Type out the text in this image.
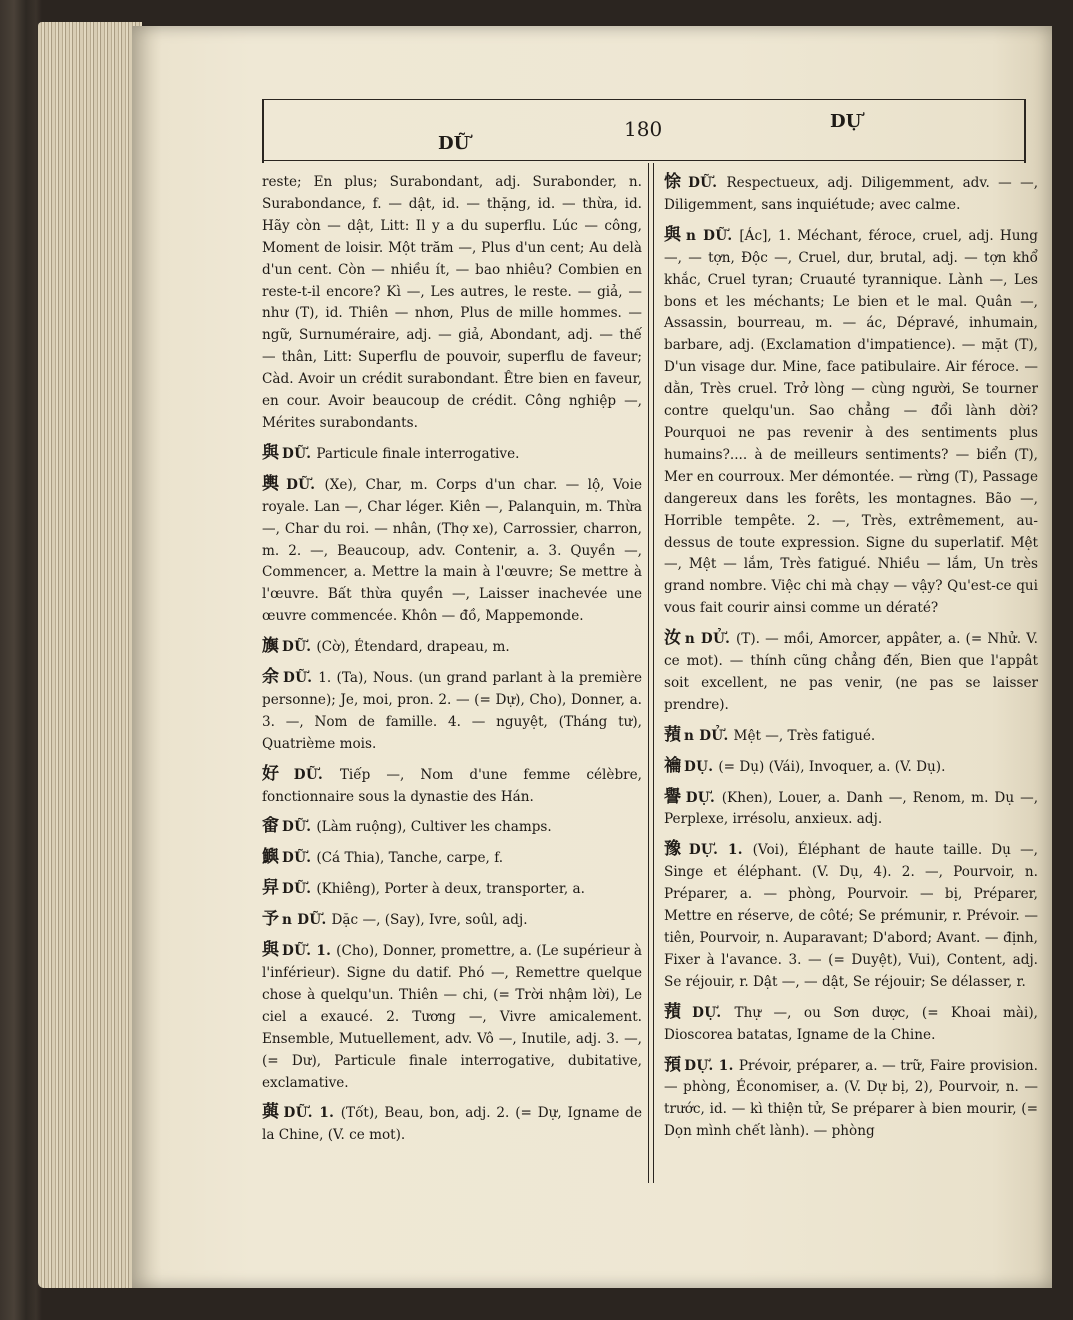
DỮ
180	DỰ

reste; En plus; Surabondant, adj. Surabonder, n. Surabondance, f. — dật, id. — thặng, id. — thừa, id. Hãy còn — dật, Litt: Il y a du superflu. Lúc — công, Moment de loisir. Một trăm —, Plus d'un cent; Au delà d'un cent. Còn — nhiều ít, — bao nhiêu? Combien en reste-t-il encore? Kì —, Les autres, le reste. — giả, — như (T), id. Thiên — nhơn, Plus de mille hommes. — ngữ, Surnuméraire, adj. — giả, Abondant, adj. — thế — thân, Litt: Superflu de pouvoir, superflu de faveur; Càd. Avoir un crédit surabondant. Être bien en faveur, en cour. Avoir beaucoup de crédit. Công nghiệp —, Mérites surabondants.

與 DỮ. Particule finale interrogative.

輿 DỮ. (Xe), Char, m. Corps d'un char. — lộ, Voie royale. Lan —, Char léger. Kiên —, Palanquin, m. Thừa —, Char du roi. — nhân, (Thợ xe), Carrossier, charron, m. 2. —, Beaucoup, adv. Contenir, a. 3. Quyền —, Commencer, a. Mettre la main à l'œuvre; Se mettre à l'œuvre. Bất thừa quyền —, Laisser inachevée une œuvre commencée. Khôn — đồ, Mappemonde.

旟 DỮ. (Cờ), Étendard, drapeau, m.

余 DỮ. 1. (Ta), Nous. (un grand parlant à la première personne); Je, moi, pron. 2. — (= Dự), Cho), Donner, a. 3. —, Nom de famille. 4. — nguyệt, (Tháng tư), Quatrième mois.

好 DỮ. Tiếp —, Nom d'une femme célèbre, fonctionnaire sous la dynastie des Hán.

畬 DỮ. (Làm ruộng), Cultiver les champs.

鱮 DỮ. (Cá Thia), Tanche, carpe, f.

舁 DỮ. (Khiêng), Porter à deux, transporter, a.

予 n DỮ. Dặc —, (Say), Ivre, soûl, adj.

與 DỮ. 1. (Cho), Donner, promettre, a. (Le supérieur à l'inférieur). Signe du datif. Phó —, Remettre quelque chose à quelqu'un. Thiên — chi, (= Trời nhậm lời), Le ciel a exaucé. 2. Tương —, Vivre amicalement. Ensemble, Mutuellement, adv. Vô —, Inutile, adj. 3. —, (= Dư), Particule finale interrogative, dubitative, exclamative.

藇 DỮ. 1. (Tốt), Beau, bon, adj. 2. (= Dự, Igname de la Chine, (V. ce mot).

悇 DỮ. Respectueux, adj. Diligemment, adv. — —, Diligemment, sans inquiétude; avec calme.

與 n DỮ. [Ác], 1. Méchant, féroce, cruel, adj. Hung —, — tợn, Độc —, Cruel, dur, brutal, adj. — tợn khổ khắc, Cruel tyran; Cruauté tyrannique. Lành —, Les bons et les méchants; Le bien et le mal. Quân —, Assassin, bourreau, m. — ác, Dépravé, inhumain, barbare, adj. (Exclamation d'impatience). — mặt (T), D'un visage dur. Mine, face patibulaire. Air féroce. — dằn, Très cruel. Trở lòng — cùng người, Se tourner contre quelqu'un. Sao chẳng — đổi lành dời? Pourquoi ne pas revenir à des sentiments plus humains?.... à de meilleurs sentiments? — biển (T), Mer en courroux. Mer démontée. — rừng (T), Passage dangereux dans les forêts, les montagnes. Bão —, Horrible tempête. 2. —, Très, extrêmement, au-dessus de toute expression. Signe du superlatif. Mệt —, Mệt — lắm, Très fatigué. Nhiều — lắm, Un très grand nombre. Việc chi mà chạy — vậy? Qu'est-ce qui vous fait courir ainsi comme un dératé?

汝 n DỬ. (T). — mồi, Amorcer, appâter, a. (= Nhử. V. ce mot). — thính cũng chẳng đến, Bien que l'appât soit excellent, ne pas venir, (ne pas se laisser prendre).

蕷 n DỬ. Mệt —, Très fatigué.

禴 DỤ. (= Dụ) (Vái), Invoquer, a. (V. Dụ).

譽 DỰ. (Khen), Louer, a. Danh —, Renom, m. Dụ —, Perplexe, irrésolu, anxieux. adj.

豫 DỰ. 1. (Voi), Éléphant de haute taille. Dụ —, Singe et éléphant. (V. Dụ, 4). 2. —, Pourvoir, n. Préparer, a. — phòng, Pourvoir. — bị, Préparer, Mettre en réserve, de côté; Se prémunir, r. Prévoir. — tiên, Pourvoir, n. Auparavant; D'abord; Avant. — định, Fixer à l'avance. 3. — (= Duyệt), Vui), Content, adj. Se réjouir, r. Dật —, — dật, Se réjouir; Se délasser, r.

蕷 DỰ. Thự —, ou Sơn dược, (= Khoai mài), Dioscorea batatas, Igname de la Chine.

預 DỰ. 1. Prévoir, préparer, a. — trữ, Faire provision. — phòng, Économiser, a. (V. Dự bị, 2), Pourvoir, n. — trước, id. — kì thiện tử, Se préparer à bien mourir, (= Dọn mình chết lành). — phòng
